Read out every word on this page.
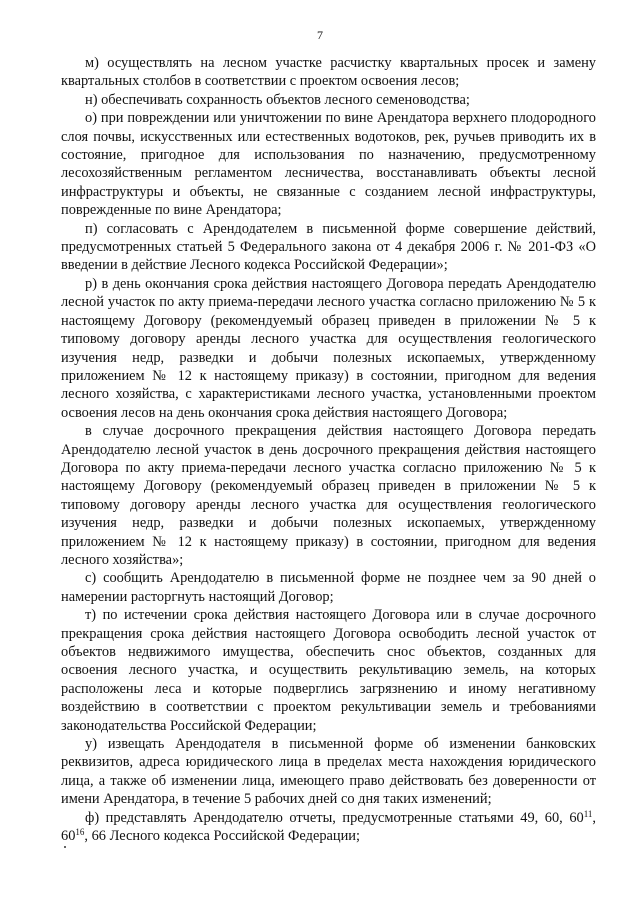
7

м) осуществлять на лесном участке расчистку квартальных просек и замену квартальных столбов в соответствии с проектом освоения лесов;

н) обеспечивать сохранность объектов лесного семеноводства;

о) при повреждении или уничтожении по вине Арендатора верхнего плодородного слоя почвы, искусственных или естественных водотоков, рек, ручьев приводить их в состояние, пригодное для использования по назначению, предусмотренному лесохозяйственным регламентом лесничества, восстанавливать объекты лесной инфраструктуры и объекты, не связанные с созданием лесной инфраструктуры, поврежденные по вине Арендатора;

п) согласовать с Арендодателем в письменной форме совершение действий, предусмотренных статьей 5 Федерального закона от 4 декабря 2006 г. № 201-ФЗ «О введении в действие Лесного кодекса Российской Федерации»;

р) в день окончания срока действия настоящего Договора передать Арендодателю лесной участок по акту приема-передачи лесного участка согласно приложению № 5 к настоящему Договору (рекомендуемый образец приведен в приложении № 5 к типовому договору аренды лесного участка для осуществления геологического изучения недр, разведки и добычи полезных ископаемых, утвержденному приложением № 12 к настоящему приказу) в состоянии, пригодном для ведения лесного хозяйства, с характеристиками лесного участка, установленными проектом освоения лесов на день окончания срока действия настоящего Договора;

в случае досрочного прекращения действия настоящего Договора передать Арендодателю лесной участок в день досрочного прекращения действия настоящего Договора по акту приема-передачи лесного участка согласно приложению № 5 к настоящему Договору (рекомендуемый образец приведен в приложении № 5 к типовому договору аренды лесного участка для осуществления геологического изучения недр, разведки и добычи полезных ископаемых, утвержденному приложением № 12 к настоящему приказу) в состоянии, пригодном для ведения лесного хозяйства»;

с) сообщить Арендодателю в письменной форме не позднее чем за 90 дней о намерении расторгнуть настоящий Договор;

т) по истечении срока действия настоящего Договора или в случае досрочного прекращения срока действия настоящего Договора освободить лесной участок от объектов недвижимого имущества, обеспечить снос объектов, созданных для освоения лесного участка, и осуществить рекультивацию земель, на которых расположены леса и которые подверглись загрязнению и иному негативному воздействию в соответствии с проектом рекультивации земель и требованиями законодательства Российской Федерации;

у) извещать Арендодателя в письменной форме об изменении банковских реквизитов, адреса юридического лица в пределах места нахождения юридического лица, а также об изменении лица, имеющего право действовать без доверенности от имени Арендатора, в течение 5 рабочих дней со дня таких изменений;

ф) представлять Арендодателю отчеты, предусмотренные статьями 49, 60, $60^{11}$, $60^{16}$, 66 Лесного кодекса Российской Федерации;
